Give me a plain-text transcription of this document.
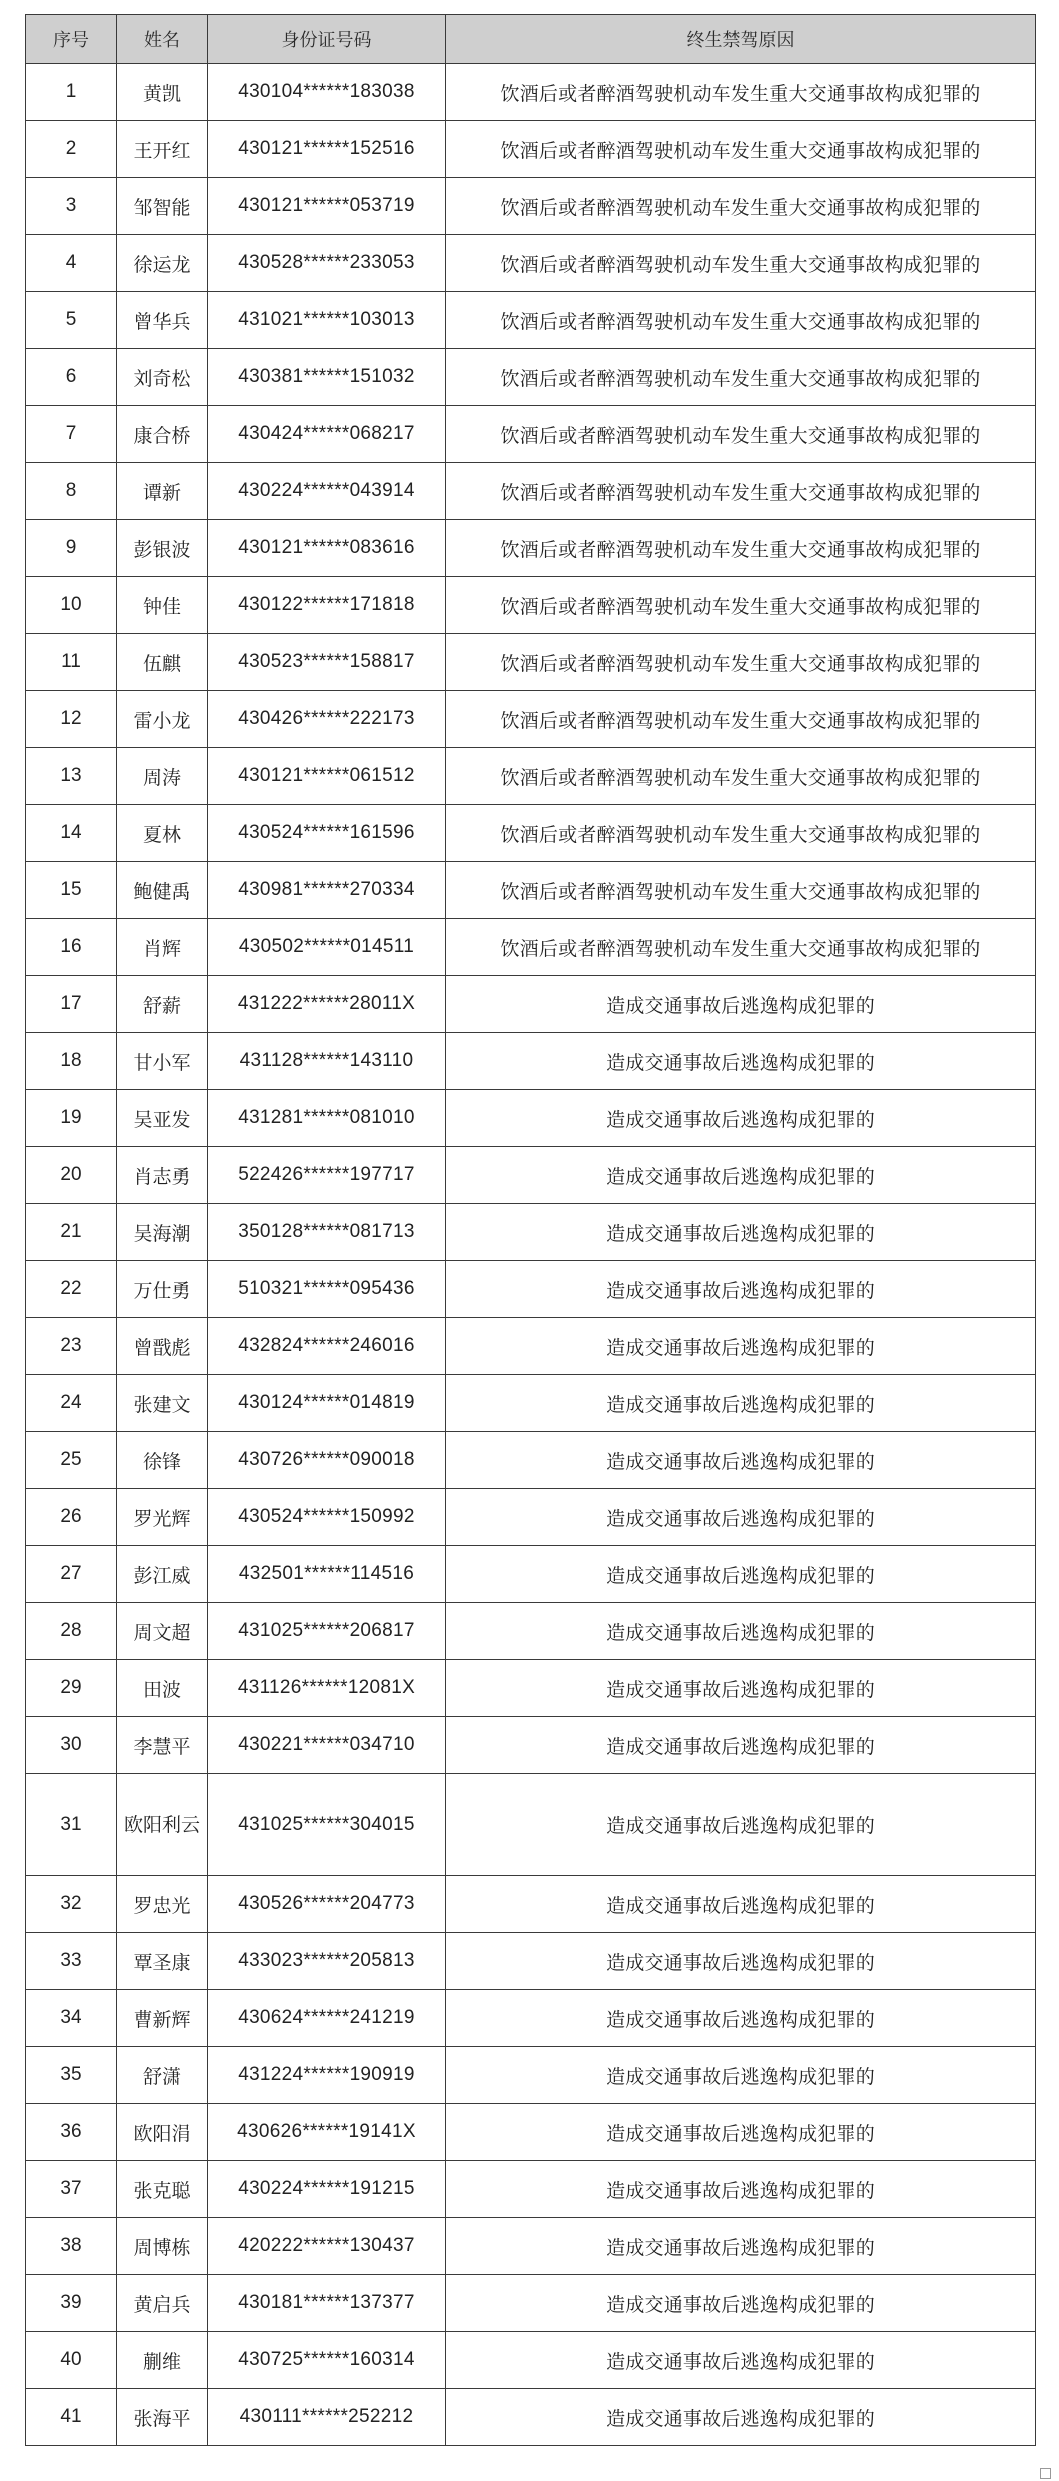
序号	姓名	身份证号码	终生禁驾原因
1	黄凯	430104******183038	饮酒后或者醉酒驾驶机动车发生重大交通事故构成犯罪的
2	王开红	430121******152516	饮酒后或者醉酒驾驶机动车发生重大交通事故构成犯罪的
3	邹智能	430121******053719	饮酒后或者醉酒驾驶机动车发生重大交通事故构成犯罪的
4	徐运龙	430528******233053	饮酒后或者醉酒驾驶机动车发生重大交通事故构成犯罪的
5	曾华兵	431021******103013	饮酒后或者醉酒驾驶机动车发生重大交通事故构成犯罪的
6	刘奇松	430381******151032	饮酒后或者醉酒驾驶机动车发生重大交通事故构成犯罪的
7	康合桥	430424******068217	饮酒后或者醉酒驾驶机动车发生重大交通事故构成犯罪的
8	谭新	430224******043914	饮酒后或者醉酒驾驶机动车发生重大交通事故构成犯罪的
9	彭银波	430121******083616	饮酒后或者醉酒驾驶机动车发生重大交通事故构成犯罪的
10	钟佳	430122******171818	饮酒后或者醉酒驾驶机动车发生重大交通事故构成犯罪的
11	伍麒	430523******158817	饮酒后或者醉酒驾驶机动车发生重大交通事故构成犯罪的
12	雷小龙	430426******222173	饮酒后或者醉酒驾驶机动车发生重大交通事故构成犯罪的
13	周涛	430121******061512	饮酒后或者醉酒驾驶机动车发生重大交通事故构成犯罪的
14	夏林	430524******161596	饮酒后或者醉酒驾驶机动车发生重大交通事故构成犯罪的
15	鲍健禹	430981******270334	饮酒后或者醉酒驾驶机动车发生重大交通事故构成犯罪的
16	肖辉	430502******014511	饮酒后或者醉酒驾驶机动车发生重大交通事故构成犯罪的
17	舒薪	431222******28011X	造成交通事故后逃逸构成犯罪的
18	甘小军	431128******143110	造成交通事故后逃逸构成犯罪的
19	吴亚发	431281******081010	造成交通事故后逃逸构成犯罪的
20	肖志勇	522426******197717	造成交通事故后逃逸构成犯罪的
21	吴海潮	350128******081713	造成交通事故后逃逸构成犯罪的
22	万仕勇	510321******095436	造成交通事故后逃逸构成犯罪的
23	曾戬彪	432824******246016	造成交通事故后逃逸构成犯罪的
24	张建文	430124******014819	造成交通事故后逃逸构成犯罪的
25	徐锋	430726******090018	造成交通事故后逃逸构成犯罪的
26	罗光辉	430524******150992	造成交通事故后逃逸构成犯罪的
27	彭江威	432501******114516	造成交通事故后逃逸构成犯罪的
28	周文超	431025******206817	造成交通事故后逃逸构成犯罪的
29	田波	431126******12081X	造成交通事故后逃逸构成犯罪的
30	李慧平	430221******034710	造成交通事故后逃逸构成犯罪的
31	欧阳利云	431025******304015	造成交通事故后逃逸构成犯罪的
32	罗忠光	430526******204773	造成交通事故后逃逸构成犯罪的
33	覃圣康	433023******205813	造成交通事故后逃逸构成犯罪的
34	曹新辉	430624******241219	造成交通事故后逃逸构成犯罪的
35	舒潇	431224******190919	造成交通事故后逃逸构成犯罪的
36	欧阳涓	430626******19141X	造成交通事故后逃逸构成犯罪的
37	张克聪	430224******191215	造成交通事故后逃逸构成犯罪的
38	周博栋	420222******130437	造成交通事故后逃逸构成犯罪的
39	黄启兵	430181******137377	造成交通事故后逃逸构成犯罪的
40	蒯维	430725******160314	造成交通事故后逃逸构成犯罪的
41	张海平	430111******252212	造成交通事故后逃逸构成犯罪的
